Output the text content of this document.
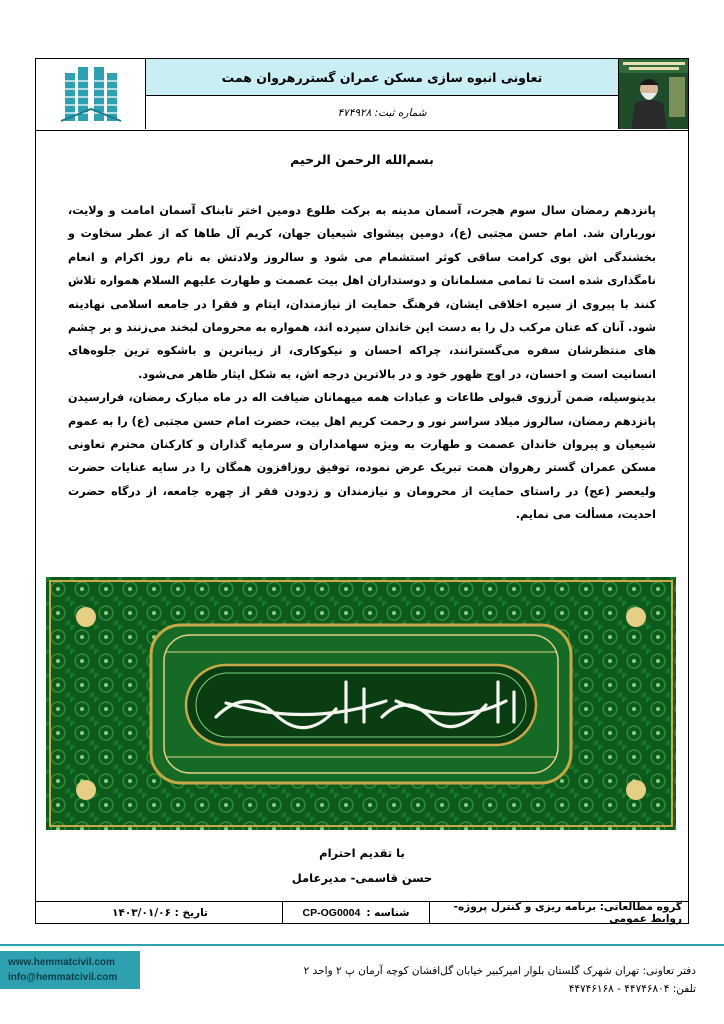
تعاونی انبوه سازی مسکن عمران گستررهروان همت
شماره ثبت: ۴۷۴۹۲۸
بسم‌الله الرحمن الرحیم

پانزدهم رمضان سال سوم هجرت، آسمان مدینه به برکت طلوع دومین اختر تابناک آسمان امامت و ولایت، نورباران شد. امام حسن مجتبی (ع)، دومین پیشوای شیعیان جهان، کریم آل طاها که از عطر سخاوت و بخشندگی اش بوی کرامت ساقی کوثر استشمام می شود و سالروز ولادتش به نام روز اکرام و انعام نامگذاری شده است تا تمامی مسلمانان و دوستداران اهل بیت عصمت و طهارت علیهم السلام همواره تلاش کنند با پیروی از سیره اخلاقی ایشان، فرهنگ حمایت از نیازمندان، ایتام و فقرا در جامعه اسلامی نهادینه شود. آنان که عنان مرکب دل را به دست این خاندان سپرده اند، همواره به محرومان لبخند می‌زنند و بر چشم های منتظرشان سفره می‌گسترانند، چراکه احسان و نیکوکاری، از زیباترین و باشکوه ترین جلوه‌های انسانیت است و احسان، در اوج ظهور خود و در بالاترین درجه اش، به شکل ایثار ظاهر می‌شود.

بدینوسیله، ضمن آرزوی قبولی طاعات و عبادات همه میهمانان ضیافت اله در ماه مبارک رمضان، فرارسیدن پانزدهم رمضان، سالروز میلاد سراسر نور و رحمت کریم اهل بیت، حضرت امام حسن مجتبی (ع) را به عموم شیعیان و پیروان خاندان عصمت و طهارت به ویژه سهامداران و سرمایه گذاران و کارکنان محترم تعاونی مسکن عمران گستر رهروان همت تبریک عرض نموده، توفیق روزافزون همگان را در سایه عنایات حضرت ولیعصر (عج) در راستای حمایت از محرومان و نیازمندان و زدودن فقر از چهره جامعه، از درگاه حضرت احدیت، مسألت می نمایم.

با تقدیم احترام
حسن قاسمی- مدیرعامل
گروه مطالعاتی: برنامه ریزی و کنترل پروژه- روابط عمومی
CP-OG0004 شناسه :
تاریخ : ۱۴۰۳/۰۱/۰۶
www.hemmatcivil.com
info@hemmatcivil.com
دفتر تعاونی: تهران شهرک گلستان بلوار امیرکبیر خیابان گل‌افشان کوچه آرمان پ ۲ واحد ۲
تلفن: ۴۴۷۴۶۸۰۴ - ۴۴۷۴۶۱۶۸
